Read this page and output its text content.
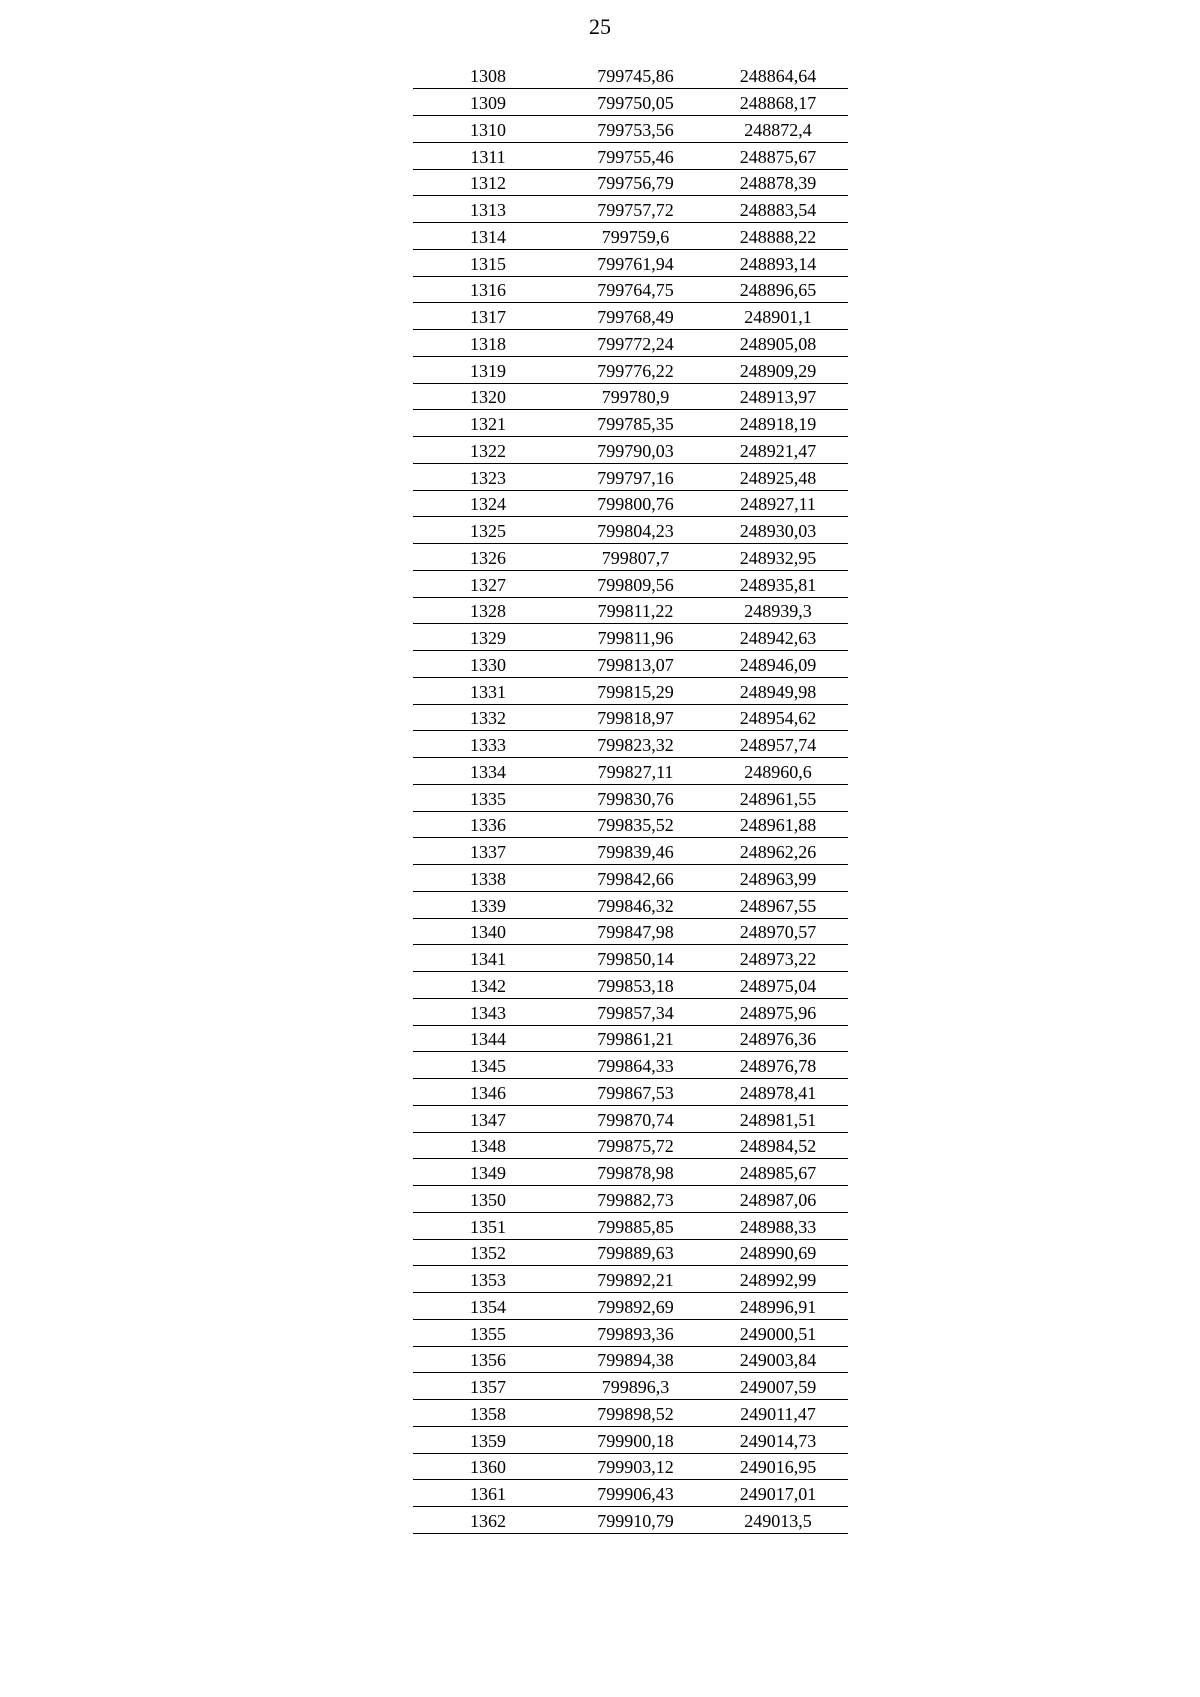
25
1308	799745,86	248864,64
1309	799750,05	248868,17
1310	799753,56	248872,4
1311	799755,46	248875,67
1312	799756,79	248878,39
1313	799757,72	248883,54
1314	799759,6	248888,22
1315	799761,94	248893,14
1316	799764,75	248896,65
1317	799768,49	248901,1
1318	799772,24	248905,08
1319	799776,22	248909,29
1320	799780,9	248913,97
1321	799785,35	248918,19
1322	799790,03	248921,47
1323	799797,16	248925,48
1324	799800,76	248927,11
1325	799804,23	248930,03
1326	799807,7	248932,95
1327	799809,56	248935,81
1328	799811,22	248939,3
1329	799811,96	248942,63
1330	799813,07	248946,09
1331	799815,29	248949,98
1332	799818,97	248954,62
1333	799823,32	248957,74
1334	799827,11	248960,6
1335	799830,76	248961,55
1336	799835,52	248961,88
1337	799839,46	248962,26
1338	799842,66	248963,99
1339	799846,32	248967,55
1340	799847,98	248970,57
1341	799850,14	248973,22
1342	799853,18	248975,04
1343	799857,34	248975,96
1344	799861,21	248976,36
1345	799864,33	248976,78
1346	799867,53	248978,41
1347	799870,74	248981,51
1348	799875,72	248984,52
1349	799878,98	248985,67
1350	799882,73	248987,06
1351	799885,85	248988,33
1352	799889,63	248990,69
1353	799892,21	248992,99
1354	799892,69	248996,91
1355	799893,36	249000,51
1356	799894,38	249003,84
1357	799896,3	249007,59
1358	799898,52	249011,47
1359	799900,18	249014,73
1360	799903,12	249016,95
1361	799906,43	249017,01
1362	799910,79	249013,5
